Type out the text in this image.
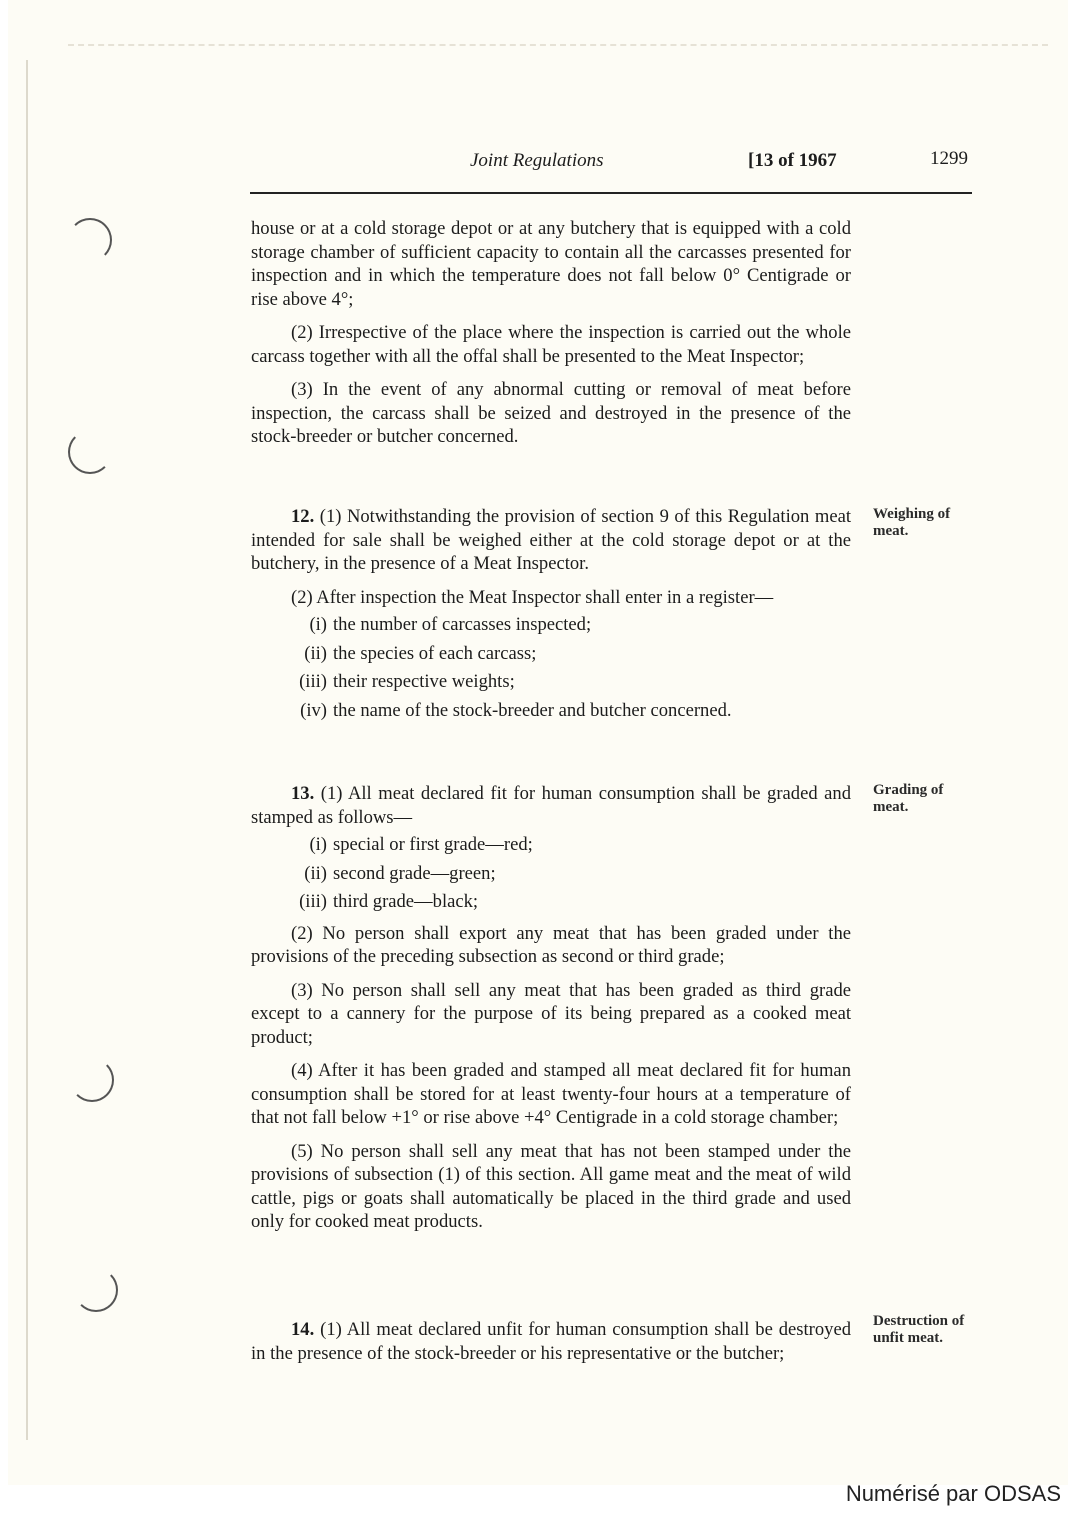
Joint Regulations	[13 of 1967	1299

house or at a cold storage depot or at any butchery that is equipped with a cold storage chamber of sufficient capacity to contain all the carcasses presented for inspection and in which the temperature does not fall below 0° Centigrade or rise above 4°;

(2) Irrespective of the place where the inspection is carried out the whole carcass together with all the offal shall be presented to the Meat Inspector;

(3) In the event of any abnormal cutting or removal of meat before inspection, the carcass shall be seized and destroyed in the presence of the stock-breeder or butcher concerned.

12. (1) Notwithstanding the provision of section 9 of this Regulation meat intended for sale shall be weighed either at the cold storage depot or at the butchery, in the presence of a Meat Inspector.

(2) After inspection the Meat Inspector shall enter in a register—

(i) the number of carcasses inspected;
(ii) the species of each carcass;
(iii) their respective weights;
(iv) the name of the stock-breeder and butcher concerned.
Weighing of meat.

13. (1) All meat declared fit for human consumption shall be graded and stamped as follows—

(i) special or first grade—red;
(ii) second grade—green;
(iii) third grade—black;

(2) No person shall export any meat that has been graded under the provisions of the preceding subsection as second or third grade;

(3) No person shall sell any meat that has been graded as third grade except to a cannery for the purpose of its being prepared as a cooked meat product;

(4) After it has been graded and stamped all meat declared fit for human consumption shall be stored for at least twenty-four hours at a temperature of that not fall below +1° or rise above +4° Centigrade in a cold storage chamber;

(5) No person shall sell any meat that has not been stamped under the provisions of subsection (1) of this section. All game meat and the meat of wild cattle, pigs or goats shall automatically be placed in the third grade and used only for cooked meat products.

Grading of meat.

14. (1) All meat declared unfit for human consumption shall be destroyed in the presence of the stock-breeder or his representative or the butcher;

Destruction of unfit meat.
Numérisé par ODSAS
